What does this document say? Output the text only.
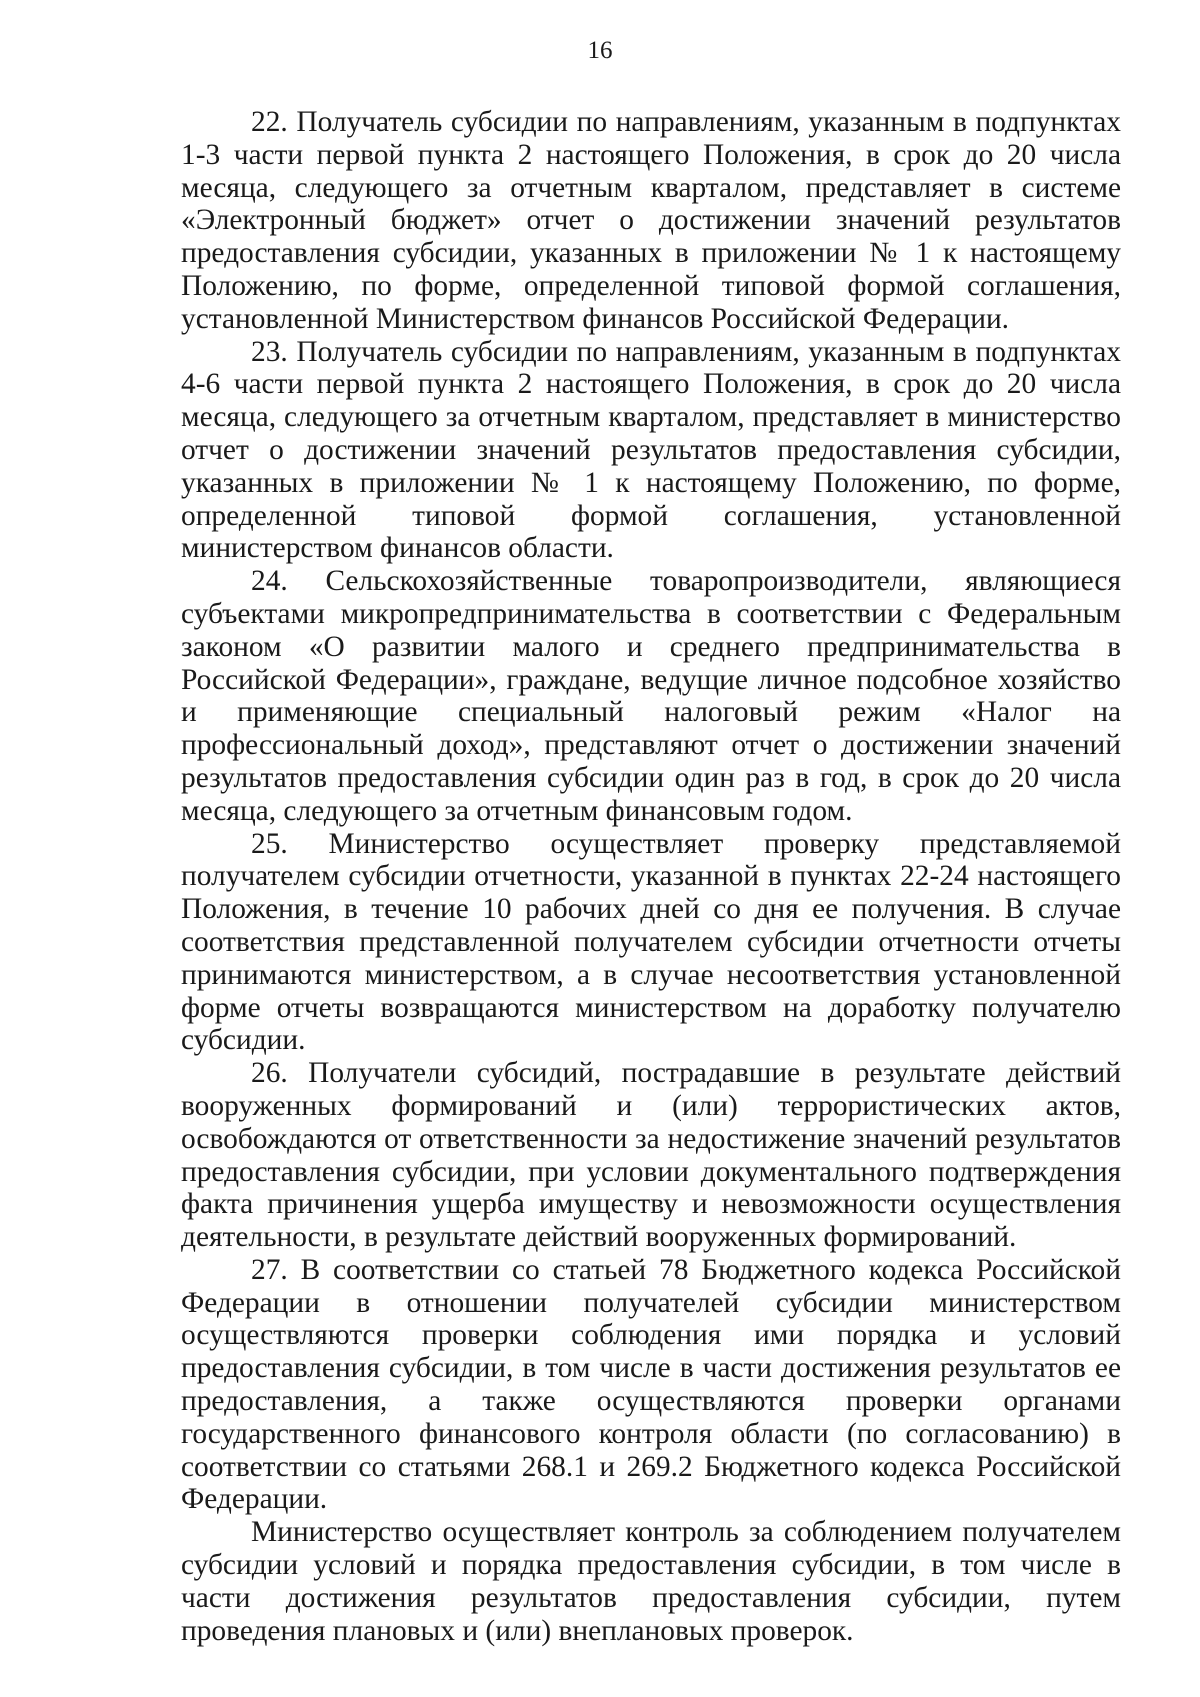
16

22. Получатель субсидии по направлениям, указанным в подпунктах 1-3 части первой пункта 2 настоящего Положения, в срок до 20 числа месяца, следующего за отчетным кварталом, представляет в системе «Электронный бюджет» отчет о достижении значений результатов предоставления субсидии, указанных в приложении № 1 к настоящему Положению, по форме, определенной типовой формой соглашения, установленной Министерством финансов Российской Федерации.

23. Получатель субсидии по направлениям, указанным в подпунктах 4-6 части первой пункта 2 настоящего Положения, в срок до 20 числа месяца, следующего за отчетным кварталом, представляет в министерство отчет о достижении значений результатов предоставления субсидии, указанных в приложении № 1 к настоящему Положению, по форме, определенной типовой формой соглашения, установленной министерством финансов области.

24. Сельскохозяйственные товаропроизводители, являющиеся субъектами микропредпринимательства в соответствии с Федеральным законом «О развитии малого и среднего предпринимательства в Российской Федерации», граждане, ведущие личное подсобное хозяйство и применяющие специальный налоговый режим «Налог на профессиональный доход», представляют отчет о достижении значений результатов предоставления субсидии один раз в год, в срок до 20 числа месяца, следующего за отчетным финансовым годом.

25. Министерство осуществляет проверку представляемой получателем субсидии отчетности, указанной в пунктах 22-24 настоящего Положения, в течение 10 рабочих дней со дня ее получения. В случае соответствия представленной получателем субсидии отчетности отчеты принимаются министерством, а в случае несоответствия установленной форме отчеты возвращаются министерством на доработку получателю субсидии.

26. Получатели субсидий, пострадавшие в результате действий вооруженных формирований и (или) террористических актов, освобождаются от ответственности за недостижение значений результатов предоставления субсидии, при условии документального подтверждения факта причинения ущерба имуществу и невозможности осуществления деятельности, в результате действий вооруженных формирований.

27. В соответствии со статьей 78 Бюджетного кодекса Российской Федерации в отношении получателей субсидии министерством осуществляются проверки соблюдения ими порядка и условий предоставления субсидии, в том числе в части достижения результатов ее предоставления, а также осуществляются проверки органами государственного финансового контроля области (по согласованию) в соответствии со статьями 268.1 и 269.2 Бюджетного кодекса Российской Федерации.

Министерство осуществляет контроль за соблюдением получателем субсидии условий и порядка предоставления субсидии, в том числе в части достижения результатов предоставления субсидии, путем проведения плановых и (или) внеплановых проверок.
